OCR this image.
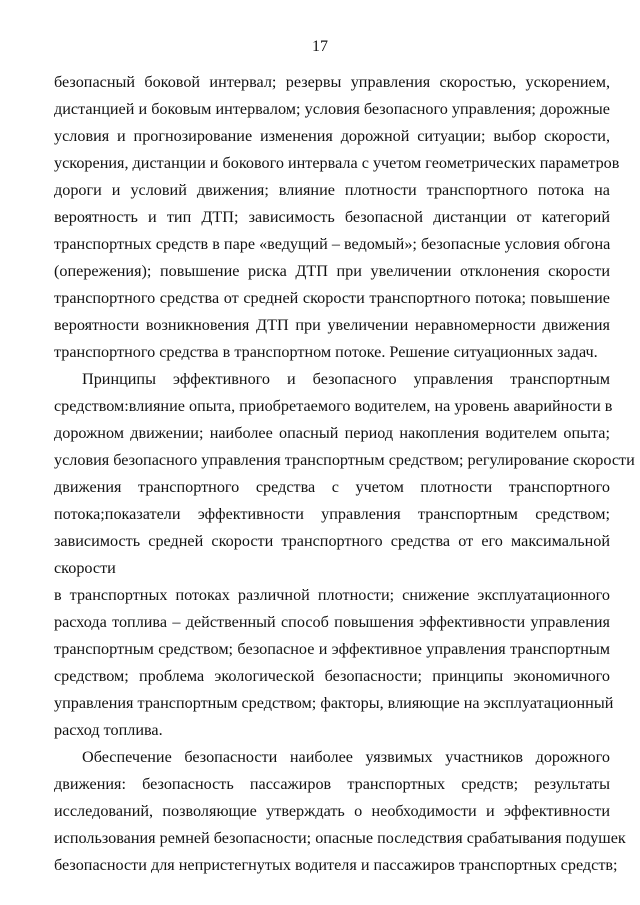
17
безопасный боковой интервал; резервы управления скоростью, ускорением,
дистанцией и боковым интервалом; условия безопасного управления; дорожные
условия и прогнозирование изменения дорожной ситуации; выбор скорости,
ускорения, дистанции и бокового интервала с учетом геометрических параметров
дороги и условий движения; влияние плотности транспортного потока на
вероятность и тип ДТП; зависимость безопасной дистанции от категорий
транспортных средств в паре «ведущий – ведомый»; безопасные условия обгона
(опережения); повышение риска ДТП при увеличении отклонения скорости
транспортного средства от средней скорости транспортного потока; повышение
вероятности возникновения ДТП при увеличении неравномерности движения
транспортного средства в транспортном потоке. Решение ситуационных задач.
Принципы эффективного и безопасного управления транспортным
средством:влияние опыта, приобретаемого водителем, на уровень аварийности в
дорожном движении; наиболее опасный период накопления водителем опыта;
условия безопасного управления транспортным средством; регулирование скорости
движения транспортного средства с учетом плотности транспортного
потока;показатели эффективности управления транспортным средством;
зависимость средней скорости транспортного средства от его максимальной
скорости
в транспортных потоках различной плотности; снижение эксплуатационного
расхода топлива – действенный способ повышения эффективности управления
транспортным средством; безопасное и эффективное управления транспортным
средством; проблема экологической безопасности; принципы экономичного
управления транспортным средством; факторы, влияющие на эксплуатационный
расход топлива.
Обеспечение безопасности наиболее уязвимых участников дорожного
движения: безопасность пассажиров транспортных средств; результаты
исследований, позволяющие утверждать о необходимости и эффективности
использования ремней безопасности; опасные последствия срабатывания подушек
безопасности для непристегнутых водителя и пассажиров транспортных средств;
